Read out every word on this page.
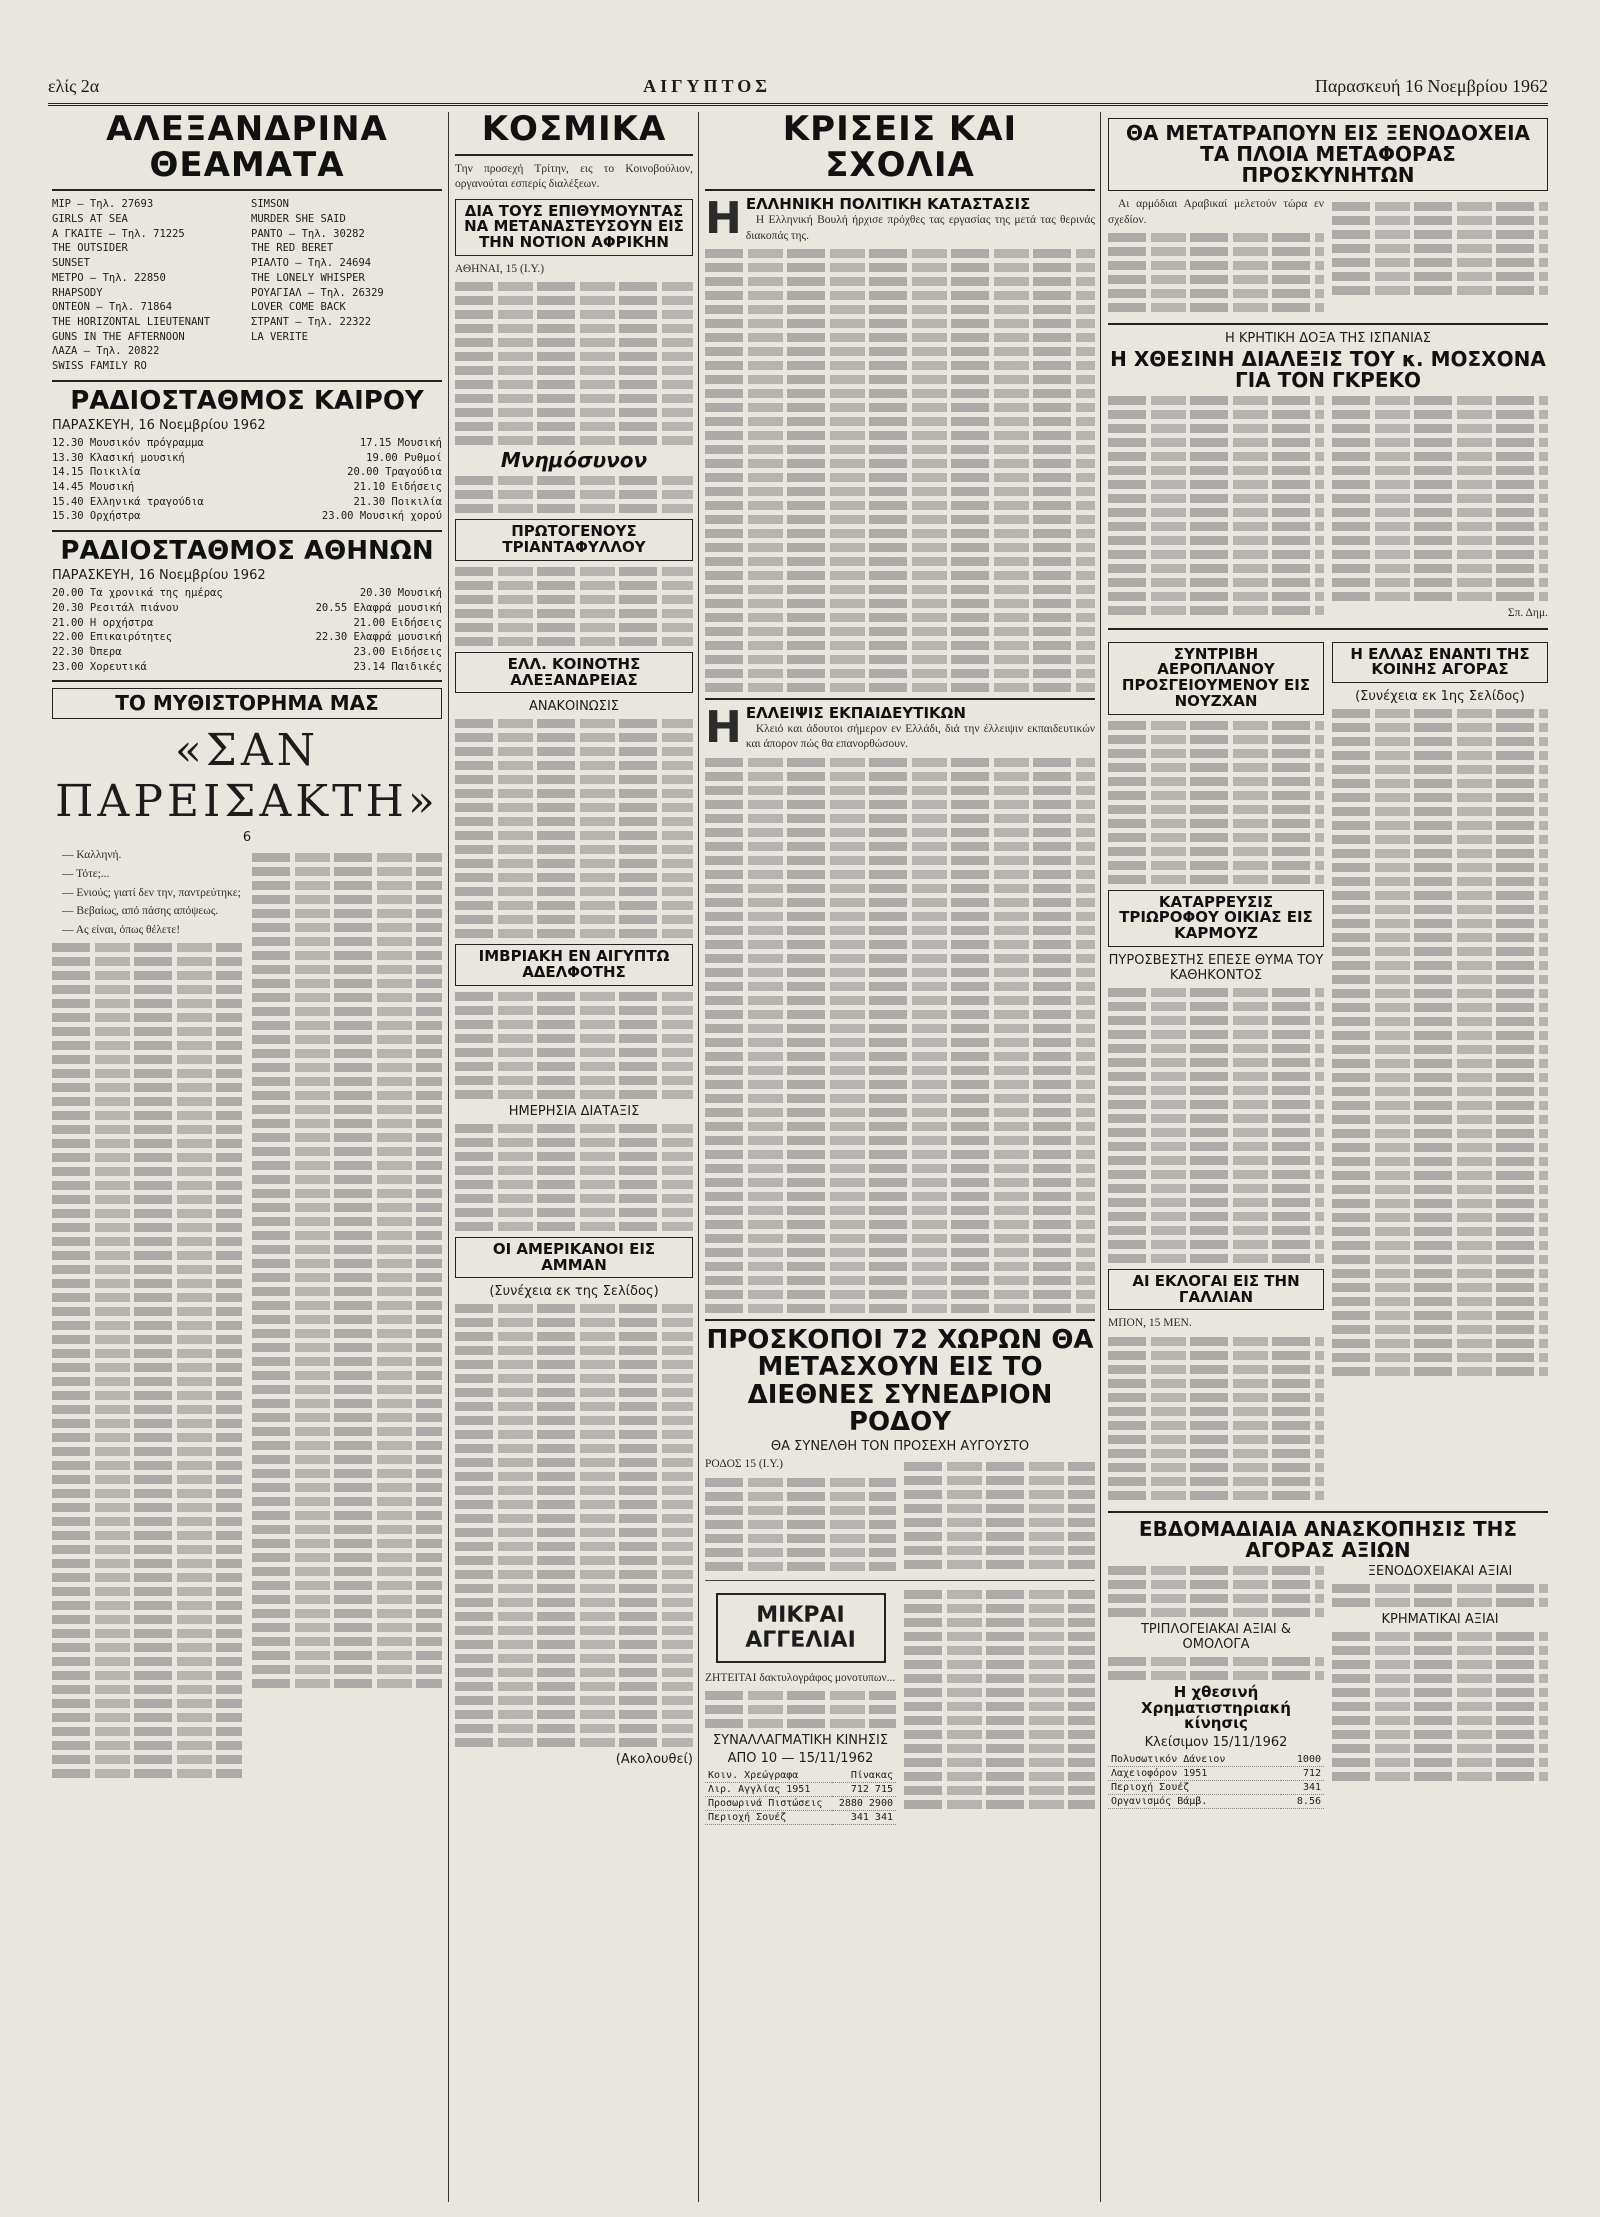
ελίς 2α	ΑΙΓΥΠΤΟΣ	Παρασκευή 16 Νοεμβρίου 1962
ΑΛΕΞΑΝΔΡΙΝΑ ΘΕΑΜΑΤΑ
ΜΙΡ — Τηλ. 27693
GIRLS AT SEA
Α ΓΚΑΙΤΕ — Τηλ. 71225
THE OUTSIDER
SUNSET
ΜΕΤΡΟ — Τηλ. 22850
RHAPSODY
ΟΝΤΕΟΝ — Τηλ. 71864
THE HORIZONTAL LIEUTENANT
GUNS IN THE AFTERNOON
ΛΑΖΑ — Τηλ. 20822
SWISS FAMILY RO
SIMSON
MURDER SHE SAID
ΡΑΝΤΟ — Τηλ. 30282
THE RED BERET
ΡΙΑΛΤΟ — Τηλ. 24694
THE LONELY WHISPER
ΡΟΥΑΓΙΑΛ — Τηλ. 26329
LOVER COME BACK
ΣΤΡΑΝΤ — Τηλ. 22322
LA VERITE
ΡΑΔΙΟΣΤΑΘΜΟΣ ΚΑΙΡΟΥ
ΠΑΡΑΣΚΕΥΗ, 16 Νοεμβρίου 1962
12.30 Μουσικόν πρόγραμμα	17.15 Μουσική
13.30 Κλασική μουσική	19.00 Ρυθμοί
14.15 Ποικιλία	20.00 Τραγούδια
14.45 Μουσική	21.10 Ειδήσεις
15.40 Ελληνικά τραγούδια	21.30 Ποικιλία
15.30 Ορχήστρα	23.00 Μουσική χορού
ΡΑΔΙΟΣΤΑΘΜΟΣ ΑΘΗΝΩΝ
ΠΑΡΑΣΚΕΥΗ, 16 Νοεμβρίου 1962
20.00 Τα χρονικά της ημέρας	20.30 Μουσική
20.30 Ρεσιτάλ πιάνου	20.55 Ελαφρά μουσική
21.00 Η ορχήστρα	21.00 Ειδήσεις
22.00 Επικαιρότητες	22.30 Ελαφρά μουσική
22.30 Όπερα	23.00 Ειδήσεις
23.00 Χορευτικά	23.14 Παιδικές
ΤΟ ΜΥΘΙΣΤΟΡΗΜΑ ΜΑΣ
«ΣΑΝ ΠΑΡΕΙΣΑΚΤΗ»
6

— Καλληνή.

— Τότε;...

— Ενιούς; γιατί δεν την, παντρεύτηκε;

— Βεβαίως, από πάσης απόψεως.

— Ας είναι, όπως θέλετε!

ΚΟΣΜΙΚΑ
Την προσεχή Τρίτην, εις το Κοινοβούλιον, οργανούται εσπερίς διαλέξεων.
ΔΙΑ ΤΟΥΣ ΕΠΙΘΥΜΟΥΝΤΑΣ ΝΑ ΜΕΤΑΝΑΣΤΕΥΣΟΥΝ ΕΙΣ ΤΗΝ ΝΟΤΙΟΝ ΑΦΡΙΚΗΝ
ΑΘΗΝΑΙ, 15 (Ι.Υ.)
Μνημόσυνον
ΠΡΩΤΟΓΕΝΟΥΣ ΤΡΙΑΝΤΑΦΥΛΛΟΥ
ΕΛΛ. ΚΟΙΝΟΤΗΣ ΑΛΕΞΑΝΔΡΕΙΑΣ
ΑΝΑΚΟΙΝΩΣΙΣ
ΙΜΒΡΙΑΚΗ ΕΝ ΑΙΓΥΠΤΩ ΑΔΕΛΦΟΤΗΣ
ΗΜΕΡΗΣΙΑ ΔΙΑΤΑΞΙΣ
ΟΙ ΑΜΕΡΙΚΑΝΟΙ ΕΙΣ ΑΜΜΑΝ
(Συνέχεια εκ της Σελίδος)
(Ακολουθεί)
ΚΡΙΣΕΙΣ ΚΑΙ ΣΧΟΛΙΑ
Η ΕΛΛΗΝΙΚΗ ΠΟΛΙΤΙΚΗ ΚΑΤΑΣΤΑΣΙΣ

Η Ελληνική Βουλή ήρχισε πρόχθες τας εργασίας της μετά τας θερινάς διακοπάς της.

Η ΕΛΛΕΙΨΙΣ ΕΚΠΑΙΔΕΥΤΙΚΩΝ

Κλειό και άδουτοι σήμερον εν Ελλάδι, διά την έλλειψιν εκπαιδευτικών και άπορον πώς θα επανορθώσουν.

ΠΡΟΣΚΟΠΟΙ 72 ΧΩΡΩΝ ΘΑ ΜΕΤΑΣΧΟΥΝ ΕΙΣ ΤΟ ΔΙΕΘΝΕΣ ΣΥΝΕΔΡΙΟΝ ΡΟΔΟΥ
ΘΑ ΣΥΝΕΛΘΗ ΤΟΝ ΠΡΟΣΕΧΗ ΑΥΓΟΥΣΤΟ
ΡΟΔΟΣ 15 (Ι.Υ.)
ΜΙΚΡΑΙ ΑΓΓΕΛΙΑΙ
ΖΗΤΕΙΤΑΙ δακτυλογράφος μονοτυπων...
ΣΥΝΑΛΛΑΓΜΑΤΙΚΗ ΚΙΝΗΣΙΣ
ΑΠΟ 10 — 15/11/1962
Κοιν. Χρεώγραφα	Πίνακας
Λιρ. Αγγλίας 1951	712 715
Προσωρινά Πιστώσεις	2880 2900
Περιοχή Σουέζ	341 341
ΘΑ ΜΕΤΑΤΡΑΠΟΥΝ ΕΙΣ ΞΕΝΟΔΟΧΕΙΑ ΤΑ ΠΛΟΙΑ ΜΕΤΑΦΟΡΑΣ ΠΡΟΣΚΥΝΗΤΩΝ

Αι αρμόδιαι Αραβικαί μελετούν τώρα εν σχεδίον.

Η ΚΡΗΤΙΚΗ ΔΟΞΑ ΤΗΣ ΙΣΠΑΝΙΑΣ
Η ΧΘΕΣΙΝΗ ΔΙΑΛΕΞΙΣ ΤΟΥ κ. ΜΟΣΧΟΝΑ ΓΙΑ ΤΟΝ ΓΚΡΕΚΟ
Σπ. Δημ.
ΣΥΝΤΡΙΒΗ ΑΕΡΟΠΛΑΝΟΥ ΠΡΟΣΓΕΙΟΥΜΕΝΟΥ ΕΙΣ ΝΟΥΖΧΑΝ
ΚΑΤΑΡΡΕΥΣΙΣ ΤΡΙΩΡΟΦΟΥ ΟΙΚΙΑΣ ΕΙΣ ΚΑΡΜΟΥΖ
ΠΥΡΟΣΒΕΣΤΗΣ ΕΠΕΣΕ ΘΥΜΑ ΤΟΥ ΚΑΘΗΚΟΝΤΟΣ
ΑΙ ΕΚΛΟΓΑΙ ΕΙΣ ΤΗΝ ΓΑΛΛΙΑΝ
ΜΠΟΝ, 15 ΜΕΝ.
Η ΕΛΛΑΣ ΕΝΑΝΤΙ ΤΗΣ ΚΟΙΝΗΣ ΑΓΟΡΑΣ
(Συνέχεια εκ 1ης Σελίδος)
ΕΒΔΟΜΑΔΙΑΙΑ ΑΝΑΣΚΟΠΗΣΙΣ ΤΗΣ ΑΓΟΡΑΣ ΑΞΙΩΝ
ΤΡΙΠΛΟΓΕΙΑΚΑΙ ΑΞΙΑΙ & ΟΜΟΛΟΓΑ
Η χθεσινή Χρηματιστηριακή κίνησις
Κλείσιμον 15/11/1962
Πολυσωτικόν Δάνειον	1000
Λαχειοφόρον 1951	712
Περιοχή Σουέζ	341
Οργανισμός Βάμβ.	8.56
ΞΕΝΟΔΟΧΕΙΑΚΑΙ ΑΞΙΑΙ
ΚΡΗΜΑΤΙΚΑΙ ΑΞΙΑΙ
